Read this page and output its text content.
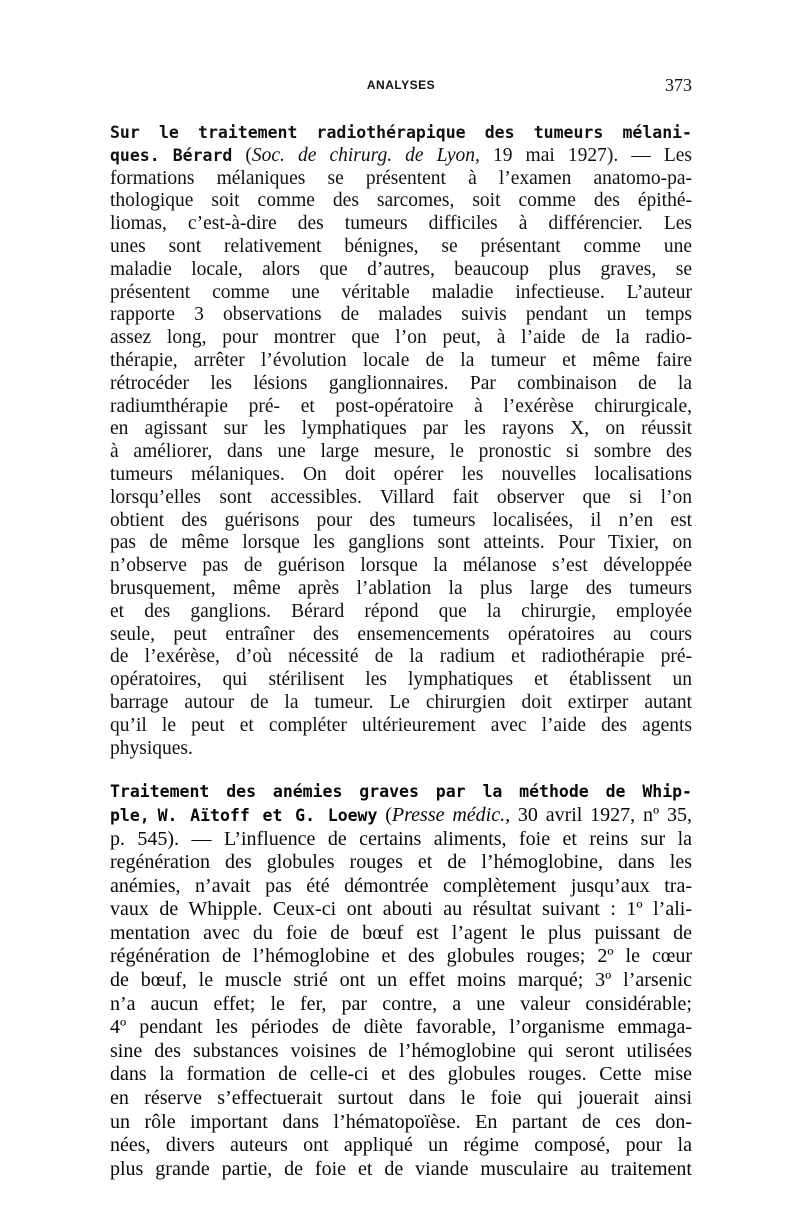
ANALYSES	373
Sur le traitement radiothérapique des tumeurs mélani-
ques. Bérard (Soc. de chirurg. de Lyon, 19 mai 1927). — Les
formations mélaniques se présentent à l’examen anatomo-pa-
thologique soit comme des sarcomes, soit comme des épithé-
liomas, c’est-à-dire des tumeurs difficiles à différencier. Les
unes sont relativement bénignes, se présentant comme une
maladie locale, alors que d’autres, beaucoup plus graves, se
présentent comme une véritable maladie infectieuse. L’auteur
rapporte 3 observations de malades suivis pendant un temps
assez long, pour montrer que l’on peut, à l’aide de la radio-
thérapie, arrêter l’évolution locale de la tumeur et même faire
rétrocéder les lésions ganglionnaires. Par combinaison de la
radiumthérapie pré- et post-opératoire à l’exérèse chirurgicale,
en agissant sur les lymphatiques par les rayons X, on réussit
à améliorer, dans une large mesure, le pronostic si sombre des
tumeurs mélaniques. On doit opérer les nouvelles localisations
lorsqu’elles sont accessibles. Villard fait observer que si l’on
obtient des guérisons pour des tumeurs localisées, il n’en est
pas de même lorsque les ganglions sont atteints. Pour Tixier, on
n’observe pas de guérison lorsque la mélanose s’est développée
brusquement, même après l’ablation la plus large des tumeurs
et des ganglions. Bérard répond que la chirurgie, employée
seule, peut entraîner des ensemencements opératoires au cours
de l’exérèse, d’où nécessité de la radium et radiothérapie pré-
opératoires, qui stérilisent les lymphatiques et établissent un
barrage autour de la tumeur. Le chirurgien doit extirper autant
qu’il le peut et compléter ultérieurement avec l’aide des agents
physiques.
Traitement des anémies graves par la méthode de Whip-
ple, W. Aïtoff et G. Loewy (Presse médic., 30 avril 1927, nº 35,
p. 545). — L’influence de certains aliments, foie et reins sur la
regénération des globules rouges et de l’hémoglobine, dans les
anémies, n’avait pas été démontrée complètement jusqu’aux tra-
vaux de Whipple. Ceux-ci ont abouti au résultat suivant : 1º l’ali-
mentation avec du foie de bœuf est l’agent le plus puissant de
régénération de l’hémoglobine et des globules rouges; 2º le cœur
de bœuf, le muscle strié ont un effet moins marqué; 3º l’arsenic
n’a aucun effet; le fer, par contre, a une valeur considérable;
4º pendant les périodes de diète favorable, l’organisme emmaga-
sine des substances voisines de l’hémoglobine qui seront utilisées
dans la formation de celle-ci et des globules rouges. Cette mise
en réserve s’effectuerait surtout dans le foie qui jouerait ainsi
un rôle important dans l’hématopoïèse. En partant de ces don-
nées, divers auteurs ont appliqué un régime composé, pour la
plus grande partie, de foie et de viande musculaire au traitement
